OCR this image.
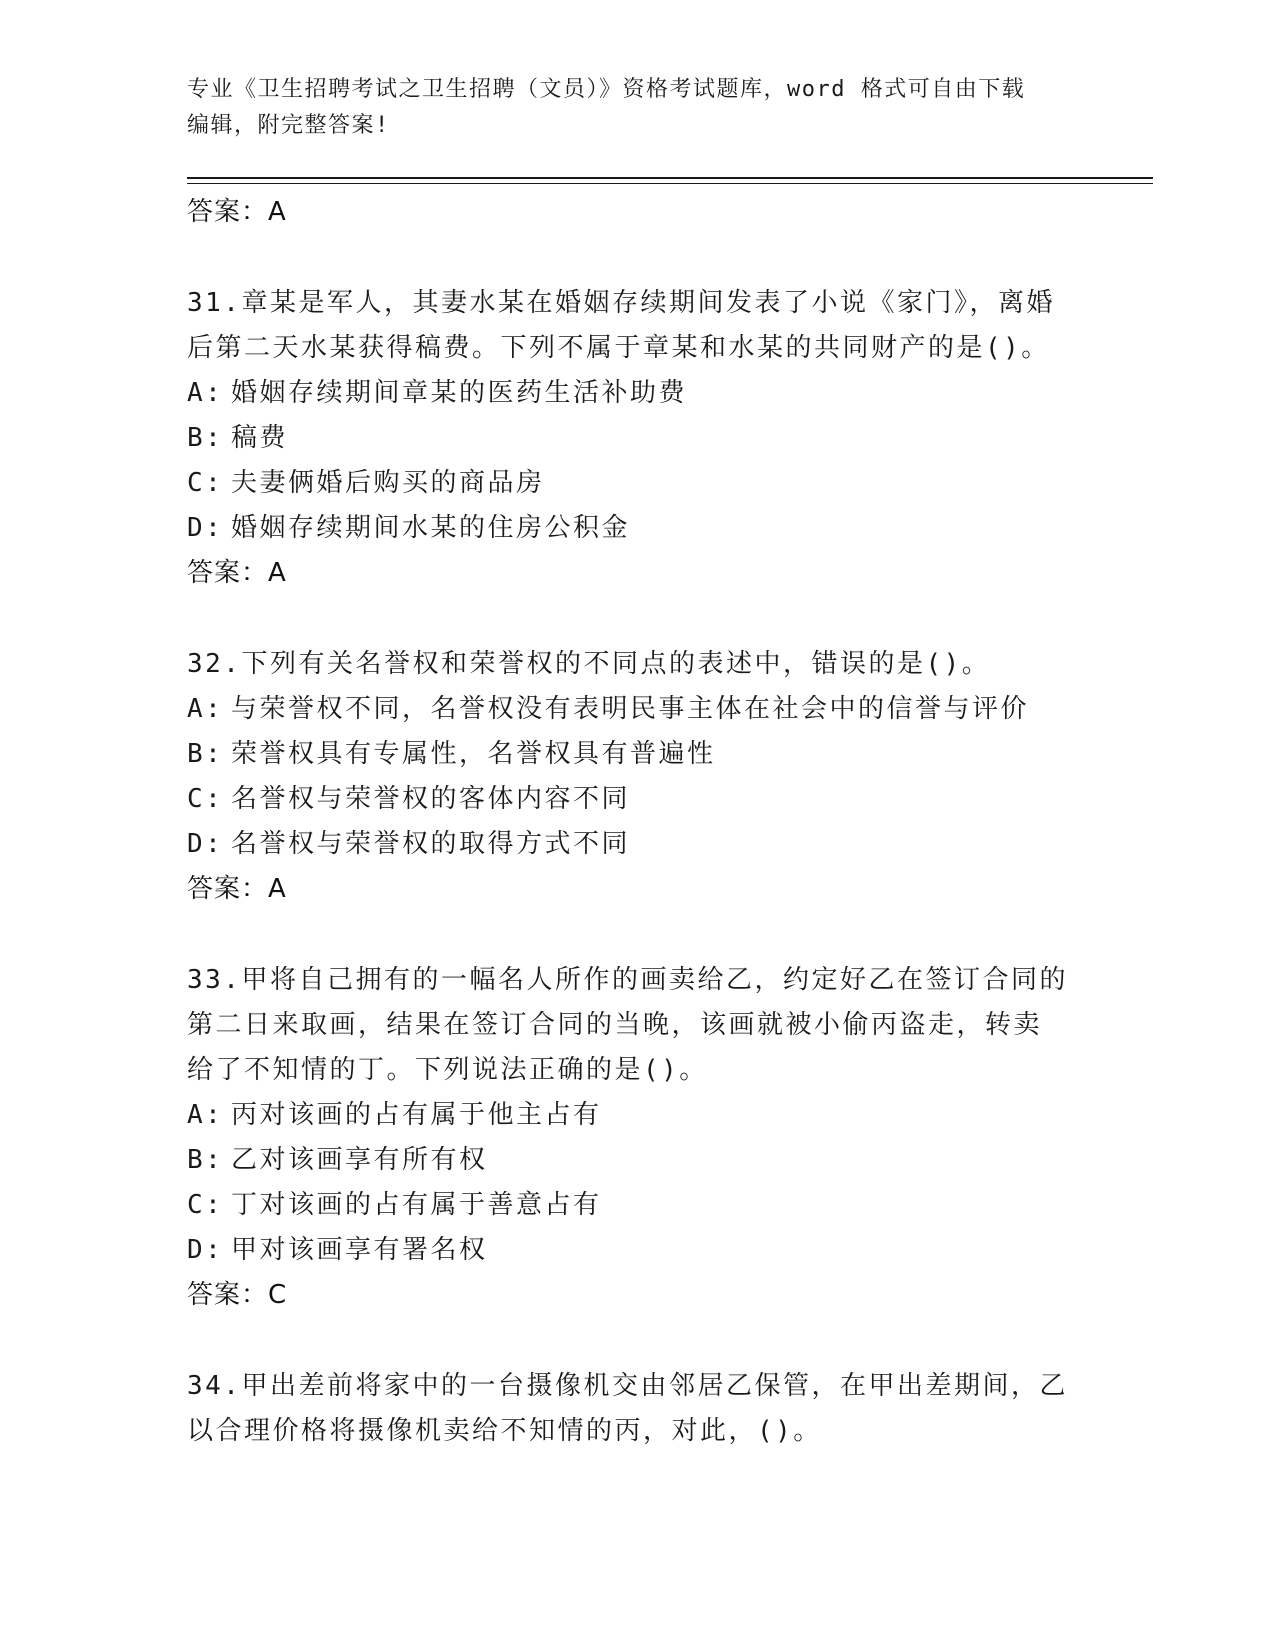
专业《卫生招聘考试之卫生招聘（文员）》资格考试题库，word 格式可自由下载
编辑，附完整答案!
答案：A
31.章某是军人，其妻水某在婚姻存续期间发表了小说《家门》，离婚
后第二天水某获得稿费。下列不属于章某和水某的共同财产的是()。
A: 婚姻存续期间章某的医药生活补助费
B: 稿费
C: 夫妻俩婚后购买的商品房
D: 婚姻存续期间水某的住房公积金
答案：A
32.下列有关名誉权和荣誉权的不同点的表述中，错误的是()。
A: 与荣誉权不同，名誉权没有表明民事主体在社会中的信誉与评价
B: 荣誉权具有专属性，名誉权具有普遍性
C: 名誉权与荣誉权的客体内容不同
D: 名誉权与荣誉权的取得方式不同
答案：A
33.甲将自己拥有的一幅名人所作的画卖给乙，约定好乙在签订合同的
第二日来取画，结果在签订合同的当晚，该画就被小偷丙盗走，转卖
给了不知情的丁。下列说法正确的是()。
A: 丙对该画的占有属于他主占有
B: 乙对该画享有所有权
C: 丁对该画的占有属于善意占有
D: 甲对该画享有署名权
答案：C
34.甲出差前将家中的一台摄像机交由邻居乙保管，在甲出差期间，乙
以合理价格将摄像机卖给不知情的丙，对此，()。
